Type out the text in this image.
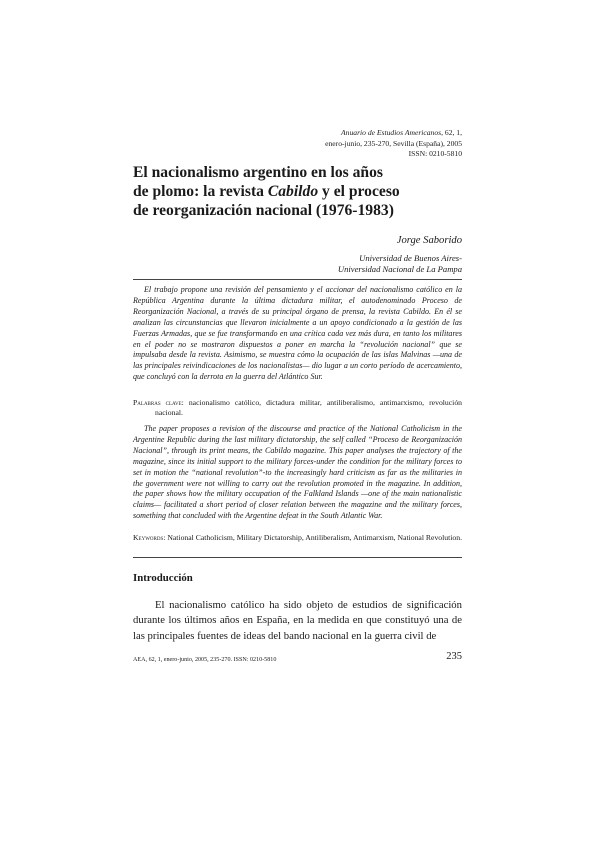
Anuario de Estudios Americanos, 62, 1,
enero-junio, 235-270, Sevilla (España), 2005
ISSN: 0210-5810
El nacionalismo argentino en los años
de plomo: la revista Cabildo y el proceso
de reorganización nacional (1976-1983)
Jorge Saborido
Universidad de Buenos Aires-
Universidad Nacional de La Pampa

El trabajo propone una revisión del pensamiento y el accionar del nacionalismo católico en la República Argentina durante la última dictadura militar, el autodenominado Proceso de Reorganización Nacional, a través de su principal órgano de prensa, la revista Cabildo. En él se analizan las circunstancias que llevaron inicialmente a un apoyo condicionado a la gestión de las Fuerzas Armadas, que se fue transformando en una crítica cada vez más dura, en tanto los militares en el poder no se mostraron dispuestos a poner en marcha la “revolución nacional” que se impulsaba desde la revista. Asimismo, se muestra cómo la ocupación de las islas Malvinas —una de las principales reivindicaciones de los nacionalistas— dio lugar a un corto período de acercamiento, que concluyó con la derrota en la guerra del Atlántico Sur.

Palabras clave: nacionalismo católico, dictadura militar, antiliberalismo, antimarxismo, revolución nacional.

The paper proposes a revision of the discourse and practice of the National Catholicism in the Argentine Republic during the last military dictatorship, the self called “Proceso de Reorganización Nacional”, through its print means, the Cabildo magazine. This paper analyses the trajectory of the magazine, since its initial support to the military forces-under the condition for the military forces to set in motion the “national revolution”-to the increasingly hard criticism as far as the militaries in the government were not willing to carry out the revolution promoted in the magazine. In addition, the paper shows how the military occupation of the Falkland Islands —one of the main nationalistic claims— facilitated a short period of closer relation between the magazine and the military forces, something that concluded with the Argentine defeat in the South Atlantic War.

Keywords: National Catholicism, Military Dictatorship, Antiliberalism, Antimarxism, National Revolution.

Introducción

El nacionalismo católico ha sido objeto de estudios de significación durante los últimos años en España, en la medida en que constituyó una de las principales fuentes de ideas del bando nacional en la guerra civil de

AEA, 62, 1, enero-junio, 2005, 235-270. ISSN: 0210-5810	235
